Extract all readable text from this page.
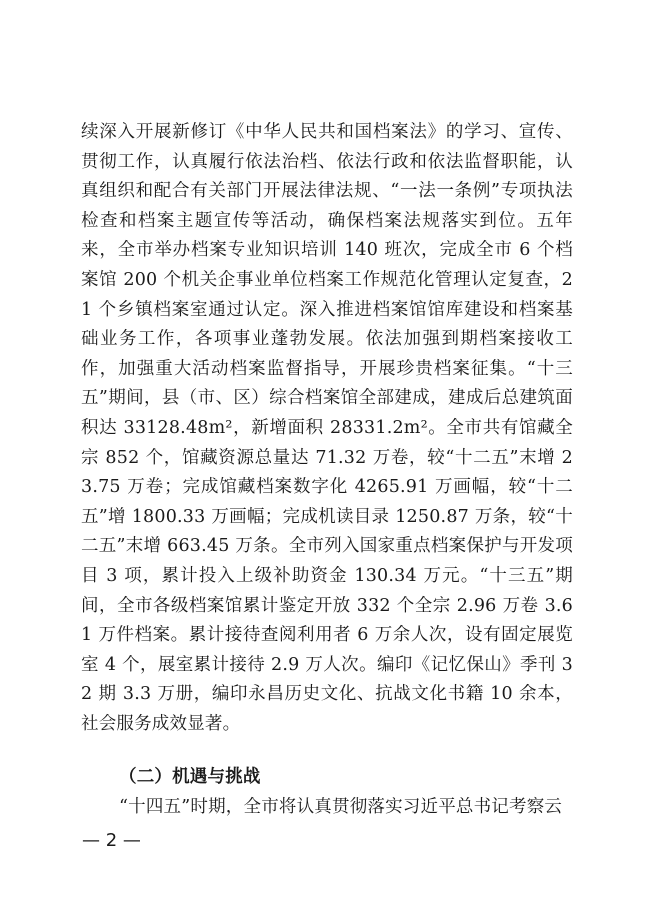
续深入开展新修订《中华人民共和国档案法》的学习、宣传、贯彻工作，认真履行依法治档、依法行政和依法监督职能，认真组织和配合有关部门开展法律法规、“一法一条例”专项执法检查和档案主题宣传等活动，确保档案法规落实到位。五年来，全市举办档案专业知识培训 140 班次，完成全市 6 个档案馆 200 个机关企事业单位档案工作规范化管理认定复查，21 个乡镇档案室通过认定。深入推进档案馆馆库建设和档案基础业务工作，各项事业蓬勃发展。依法加强到期档案接收工作，加强重大活动档案监督指导，开展珍贵档案征集。“十三五”期间，县（市、区）综合档案馆全部建成，建成后总建筑面积达 33128.48m²，新增面积 28331.2m²。全市共有馆藏全宗 852 个，馆藏资源总量达 71.32 万卷，较“十二五”末增 23.75 万卷；完成馆藏档案数字化 4265.91 万画幅，较“十二五”增 1800.33 万画幅；完成机读目录 1250.87 万条，较“十二五”末增 663.45 万条。全市列入国家重点档案保护与开发项目 3 项，累计投入上级补助资金 130.34 万元。“十三五”期间，全市各级档案馆累计鉴定开放 332 个全宗 2.96 万卷 3.61 万件档案。累计接待查阅利用者 6 万余人次，设有固定展览室 4 个，展室累计接待 2.9 万人次。编印《记忆保山》季刊 32 期 3.3 万册，编印永昌历史文化、抗战文化书籍 10 余本，社会服务成效显著。

（二）机遇与挑战

“十四五”时期，全市将认真贯彻落实习近平总书记考察云

— 2 —
